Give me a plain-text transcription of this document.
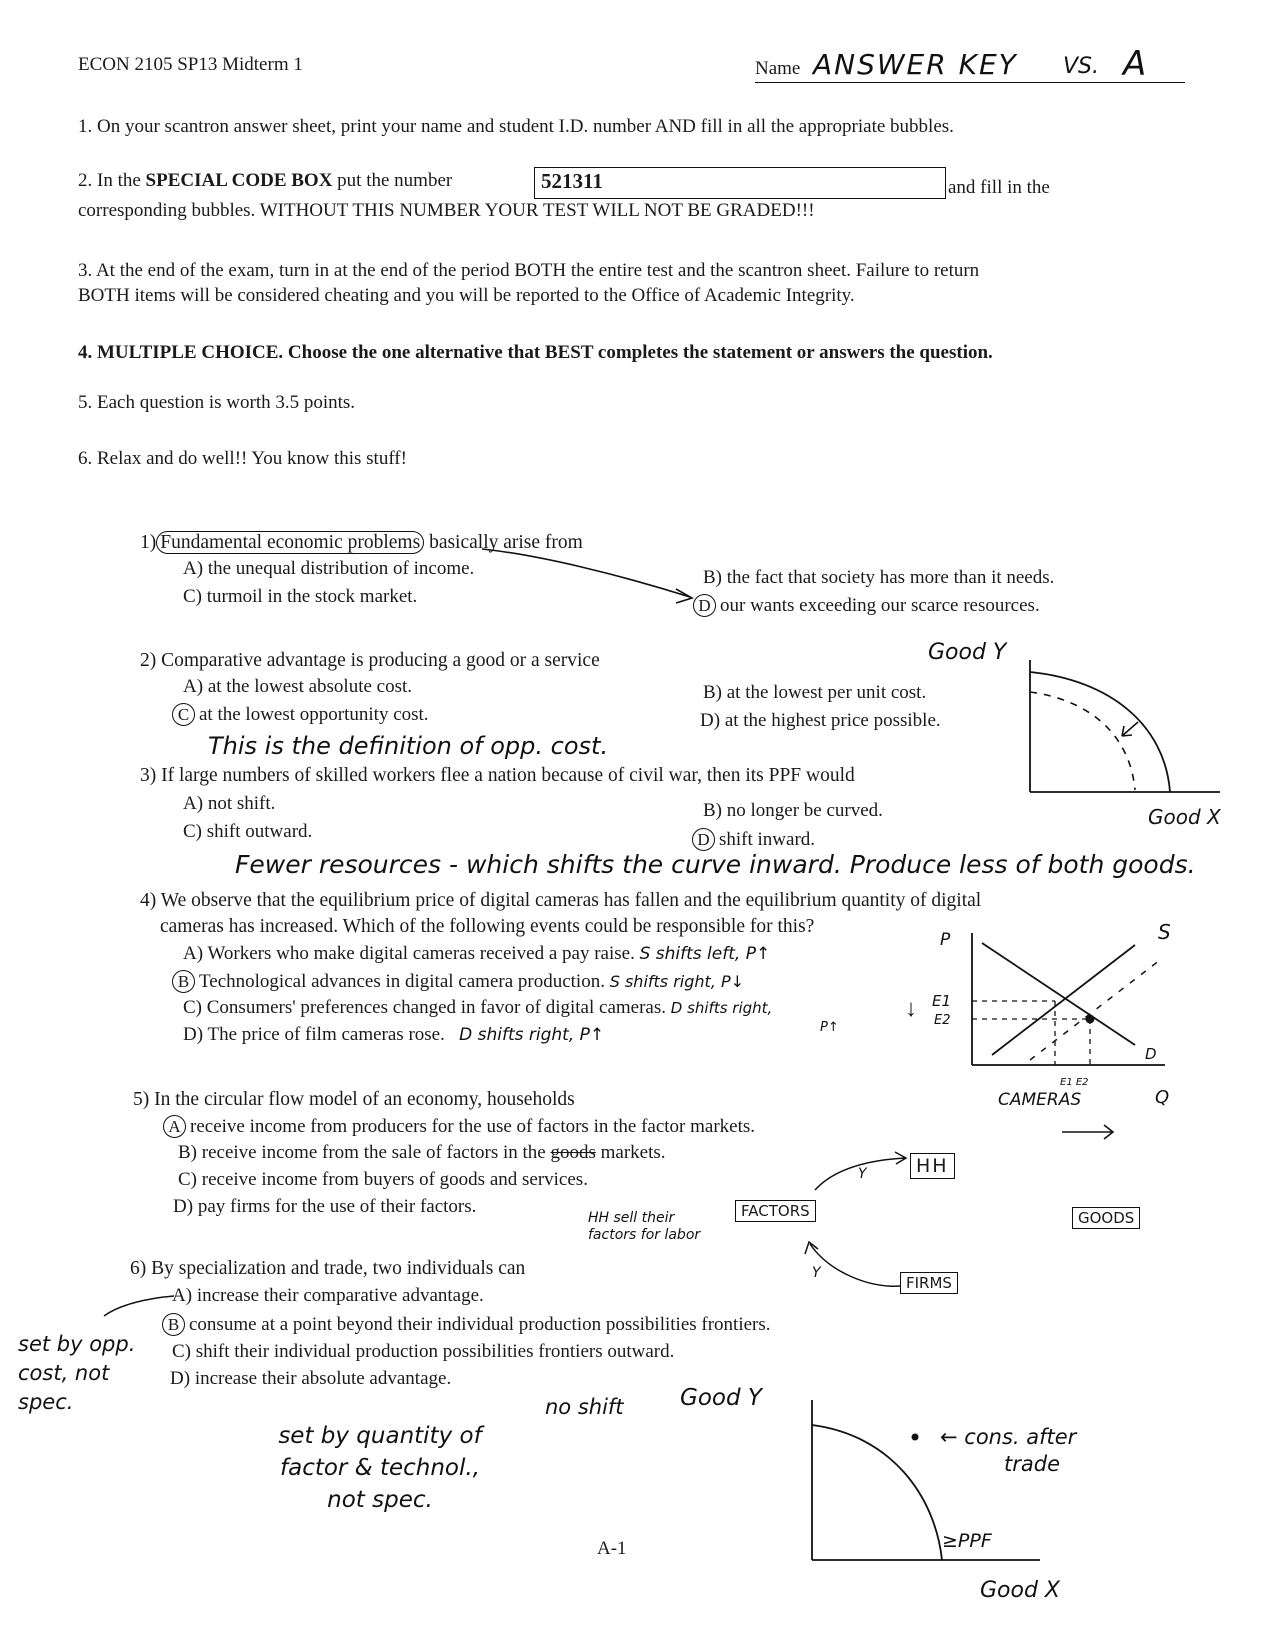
ECON 2105 SP13 Midterm 1	Name ANSWER KEY VS. A
1. On your scantron answer sheet, print your name and student I.D. number AND fill in all the appropriate bubbles.
2. In the SPECIAL CODE BOX put the number	521311	and fill in the
corresponding bubbles. WITHOUT THIS NUMBER YOUR TEST WILL NOT BE GRADED!!!
3. At the end of the exam, turn in at the end of the period BOTH the entire test and the scantron sheet. Failure to return
BOTH items will be considered cheating and you will be reported to the Office of Academic Integrity.
4. MULTIPLE CHOICE. Choose the one alternative that BEST completes the statement or answers the question.
5. Each question is worth 3.5 points.
6. Relax and do well!! You know this stuff!
1) Fundamental economic problems basically arise from
A) the unequal distribution of income.
C) turmoil in the stock market.
B) the fact that society has more than it needs.
D our wants exceeding our scarce resources.
2) Comparative advantage is producing a good or a service
A) at the lowest absolute cost.
C at the lowest opportunity cost.
B) at the lowest per unit cost.
D) at the highest price possible.
This is the definition of opp. cost.
Good Y
Good X
3) If large numbers of skilled workers flee a nation because of civil war, then its PPF would
A) not shift.
C) shift outward.
B) no longer be curved.
D shift inward.
Fewer resources - which shifts the curve inward. Produce less of both goods.
4) We observe that the equilibrium price of digital cameras has fallen and the equilibrium quantity of digital
cameras has increased. Which of the following events could be responsible for this?
A) Workers who make digital cameras received a pay raise. S shifts left, P↑
B Technological advances in digital camera production. S shifts right, P↓
C) Consumers' preferences changed in favor of digital cameras. D shifts right,
P↑
D) The price of film cameras rose. D shifts right, P↑
P	S
D
Q
E1
E2
↓
E1 E2
CAMERAS
5) In the circular flow model of an economy, households
A receive income from producers for the use of factors in the factor markets.
B) receive income from the sale of factors in the goods markets.
C) receive income from buyers of goods and services.
D) pay firms for the use of their factors.
HH sell their factors for labor
HH
FACTORS	GOODS
FIRMS
Y
Y
6) By specialization and trade, two individuals can
A) increase their comparative advantage.
B consume at a point beyond their individual production possibilities frontiers.
C) shift their individual production possibilities frontiers outward.
D) increase their absolute advantage.
set by opp. cost, not spec.	no shift
set by quantity of factor & technol., not spec.
Good Y
← cons. after
trade
≥PPF
Good X
A-1
